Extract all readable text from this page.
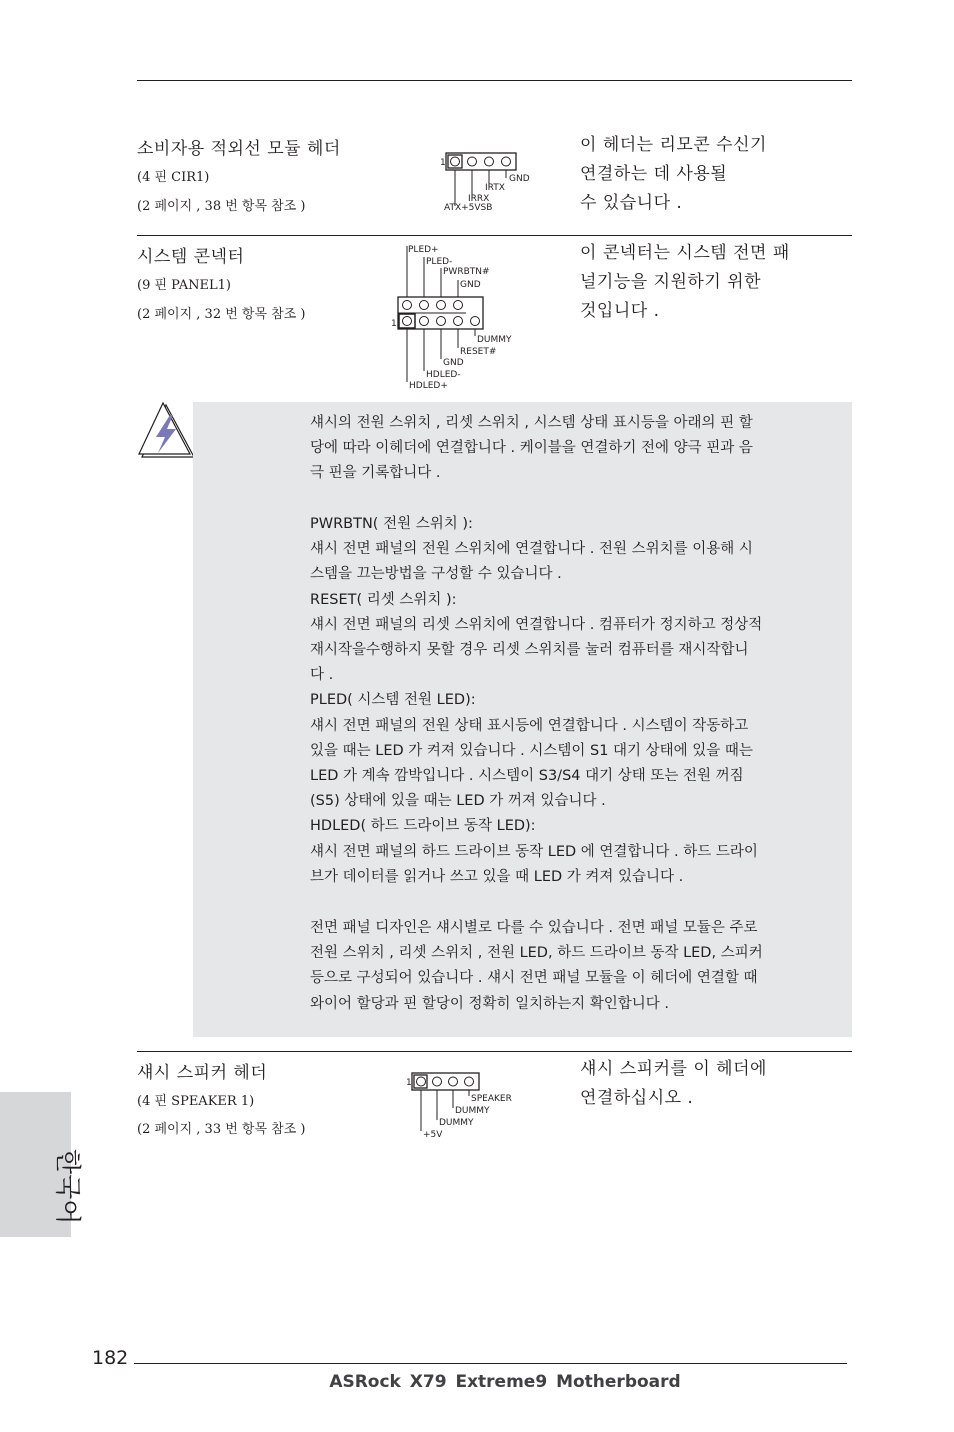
소비자용 적외선 모듈 헤더
(4 핀 CIR1)
(2 페이지 , 38 번 항목 참조 )
1
GND
IRTX
IRRX
ATX+5VSB
이 헤더는 리모콘 수신기
연결하는 데 사용될
수 있습니다 .
시스템 콘넥터
(9 핀 PANEL1)
(2 페이지 , 32 번 항목 참조 )
PLED+
PLED-
PWRBTN#
GND
1
DUMMY
RESET#
GND
HDLED-
HDLED+
이 콘넥터는 시스템 전면 패
널기능을 지원하기 위한
것입니다 .

섀시의 전원 스위치 , 리셋 스위치 , 시스템 상태 표시등을 아래의 핀 할

당에 따라 이헤더에 연결합니다 . 케이블을 연결하기 전에 양극 핀과 음

극 핀을 기록합니다 .

PWRBTN( 전원 스위치 ):

섀시 전면 패널의 전원 스위치에 연결합니다 . 전원 스위치를 이용해 시

스템을 끄는방법을 구성할 수 있습니다 .

RESET( 리셋 스위치 ):

섀시 전면 패널의 리셋 스위치에 연결합니다 . 컴퓨터가 정지하고 정상적

재시작을수행하지 못할 경우 리셋 스위치를 눌러 컴퓨터를 재시작합니

다 .

PLED( 시스템 전원 LED):

섀시 전면 패널의 전원 상태 표시등에 연결합니다 . 시스템이 작동하고

있을 때는 LED 가 켜져 있습니다 . 시스템이 S1 대기 상태에 있을 때는

LED 가 계속 깜박입니다 . 시스템이 S3/S4 대기 상태 또는 전원 꺼짐

(S5) 상태에 있을 때는 LED 가 꺼져 있습니다 .

HDLED( 하드 드라이브 동작 LED):

섀시 전면 패널의 하드 드라이브 동작 LED 에 연결합니다 . 하드 드라이

브가 데이터를 읽거나 쓰고 있을 때 LED 가 켜져 있습니다 .

전면 패널 디자인은 섀시별로 다를 수 있습니다 . 전면 패널 모듈은 주로

전원 스위치 , 리셋 스위치 , 전원 LED, 하드 드라이브 동작 LED, 스피커

등으로 구성되어 있습니다 . 섀시 전면 패널 모듈을 이 헤더에 연결할 때

와이어 할당과 핀 할당이 정확히 일치하는지 확인합니다 .

섀시 스피커 헤더
(4 핀 SPEAKER 1)
(2 페이지 , 33 번 항목 참조 )
1
SPEAKER
DUMMY
DUMMY
+5V
섀시 스피커를 이 헤더에
연결하십시오 .
한국어
182
ASRock X79 Extreme9 Motherboard
